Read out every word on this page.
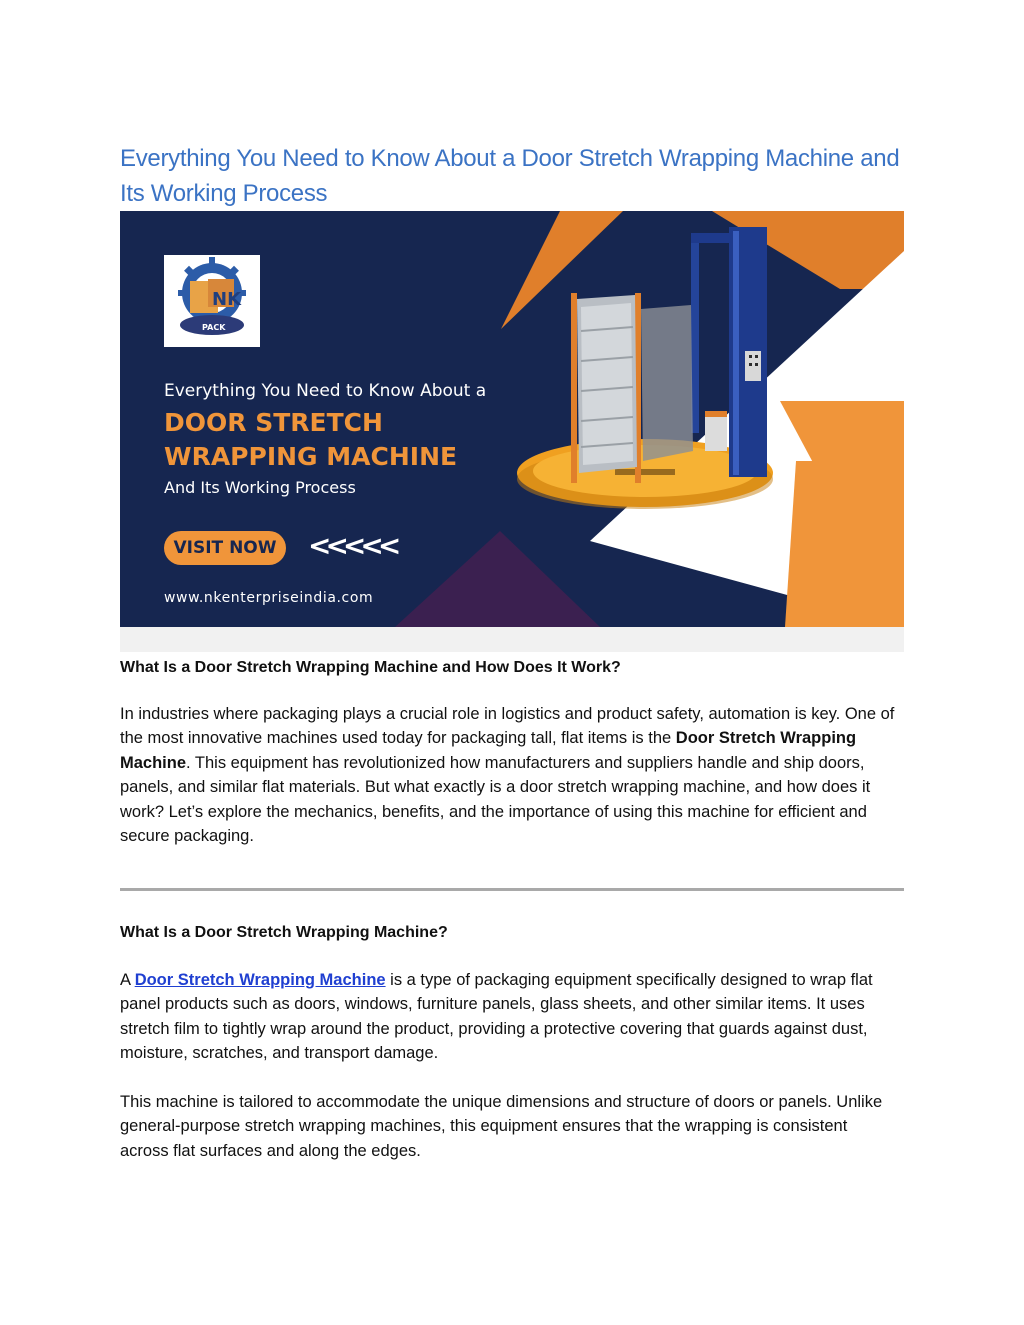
Everything You Need to Know About a Door Stretch Wrapping Machine and Its Working Process
NK
PACK
Everything You Need to Know About a
DOOR STRETCH
WRAPPING MACHINE
And Its Working Process
VISIT NOW	<<<<<
www.nkenterpriseindia.com
What Is a Door Stretch Wrapping Machine and How Does It Work?

In industries where packaging plays a crucial role in logistics and product safety, automation is key. One of the most innovative machines used today for packaging tall, flat items is the Door Stretch Wrapping Machine. This equipment has revolutionized how manufacturers and suppliers handle and ship doors, panels, and similar flat materials. But what exactly is a door stretch wrapping machine, and how does it work? Let’s explore the mechanics, benefits, and the importance of using this machine for efficient and secure packaging.

What Is a Door Stretch Wrapping Machine?

A Door Stretch Wrapping Machine is a type of packaging equipment specifically designed to wrap flat panel products such as doors, windows, furniture panels, glass sheets, and other similar items. It uses stretch film to tightly wrap around the product, providing a protective covering that guards against dust, moisture, scratches, and transport damage.

This machine is tailored to accommodate the unique dimensions and structure of doors or panels. Unlike general-purpose stretch wrapping machines, this equipment ensures that the wrapping is consistent across flat surfaces and along the edges.
